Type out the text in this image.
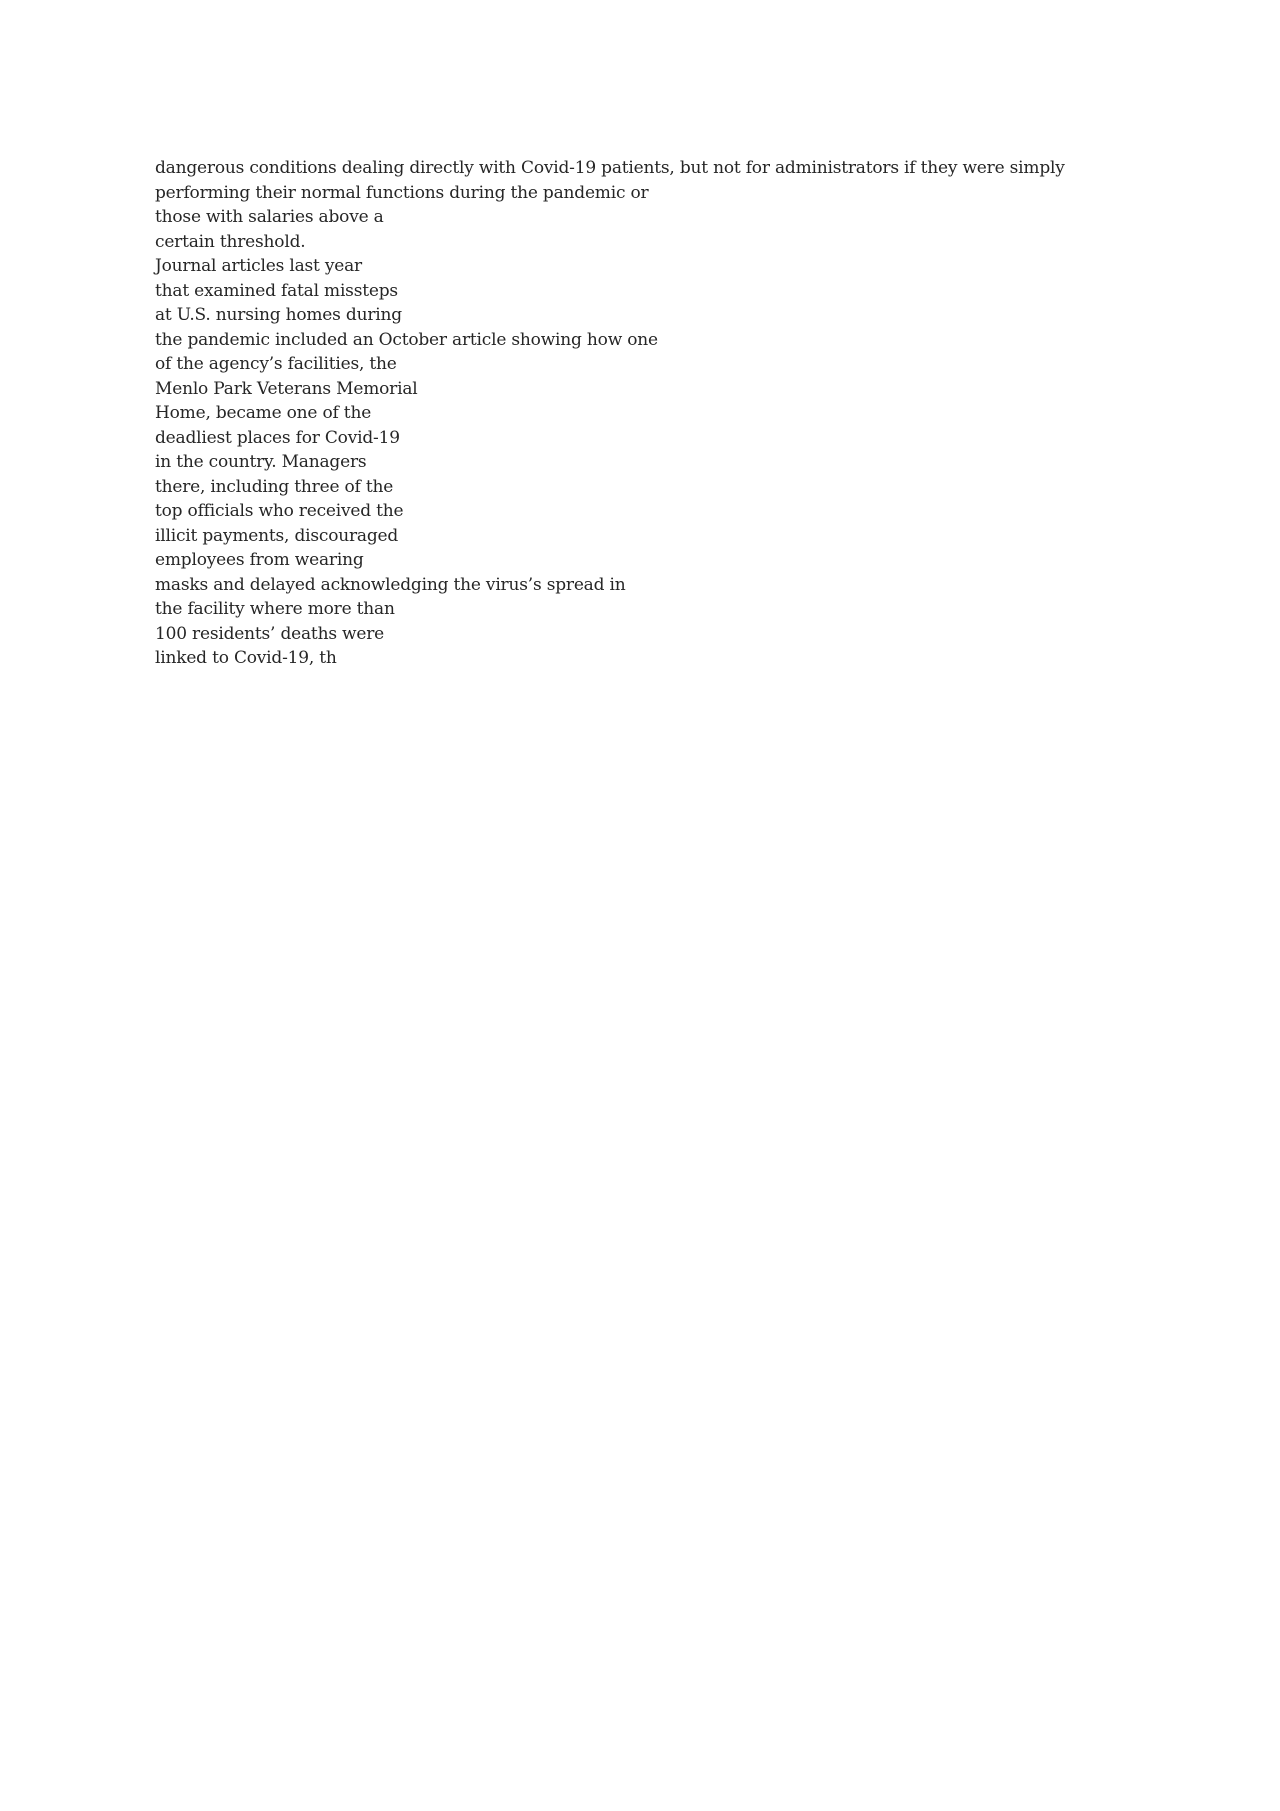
dangerous conditions dealing directly with Covid-19 patients, but not for administrators if they were simply
performing their normal functions during the pandemic or
those with salaries above a
certain threshold.
Journal articles last year
that examined fatal missteps
at U.S. nursing homes during
the pandemic included an October article showing how one
of the agency’s facilities, the
Menlo Park Veterans Memorial
Home, became one of the
deadliest places for Covid-19
in the country. Managers
there, including three of the
top officials who received the
illicit payments, discouraged
employees from wearing
masks and delayed acknowledging the virus’s spread in
the facility where more than
100 residents’ deaths were
linked to Covid-19, th
